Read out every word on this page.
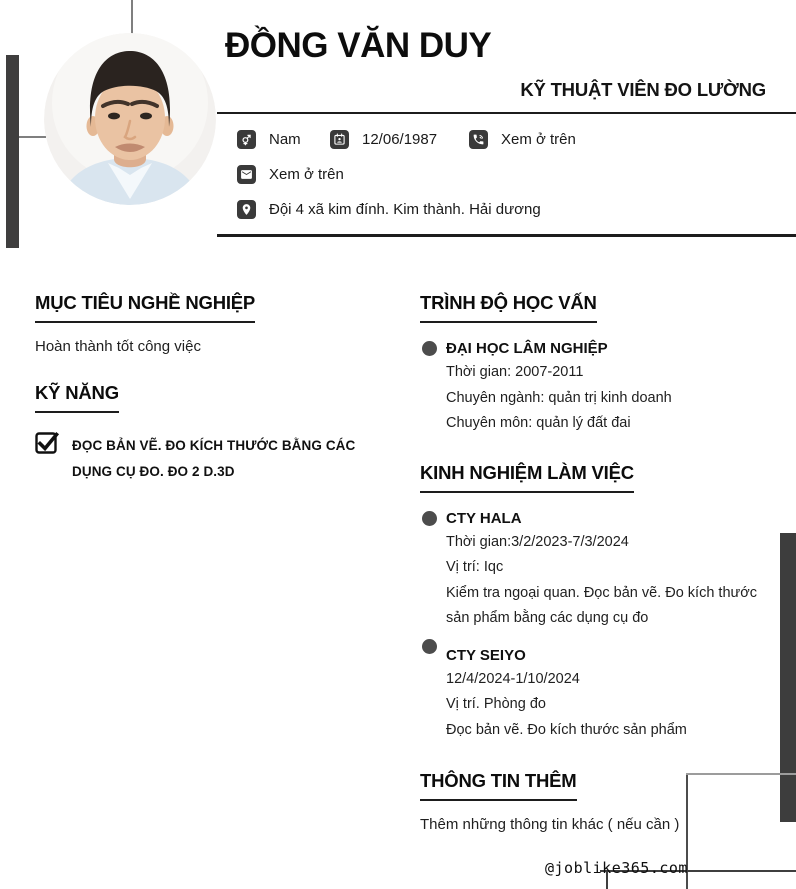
ĐỒNG VĂN DUY
KỸ THUẬT VIÊN ĐO LƯỜNG
Nam	12/06/1987	Xem ở trên
Xem ở trên
Đội 4 xã kim đính. Kim thành. Hải dương
MỤC TIÊU NGHỀ NGHIỆP
Hoàn thành tốt công việc
KỸ NĂNG
ĐỌC BẢN VẼ. ĐO KÍCH THƯỚC BẰNG CÁC DỤNG CỤ ĐO. ĐO 2 D.3D
TRÌNH ĐỘ HỌC VẤN
ĐẠI HỌC LÂM NGHIỆP
Thời gian: 2007-2011
Chuyên ngành: quản trị kinh doanh
Chuyên môn: quản lý đất đai
KINH NGHIỆM LÀM VIỆC
CTY HALA
Thời gian:3/2/2023-7/3/2024
Vị trí: Iqc
Kiểm tra ngoại quan. Đọc bản vẽ. Đo kích thước sản phẩm bằng các dụng cụ đo
CTY SEIYO
12/4/2024-1/10/2024
Vị trí. Phòng đo
Đọc bản vẽ. Đo kích thước sản phẩm
THÔNG TIN THÊM
Thêm những thông tin khác ( nếu cần )
@joblike365.com
